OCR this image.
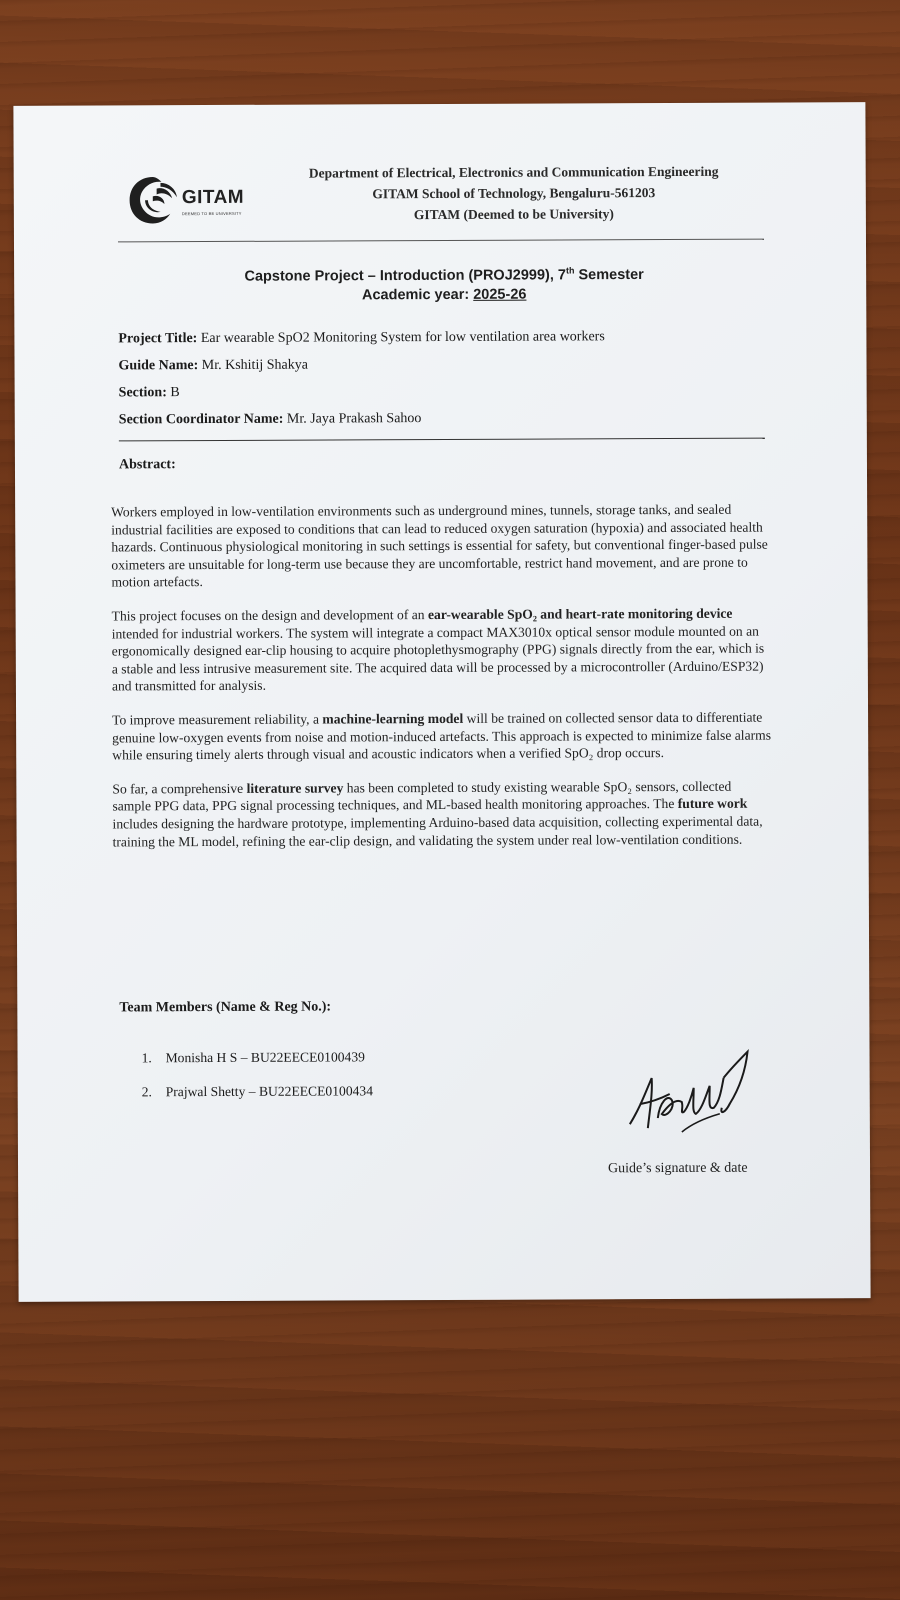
GITAM
DEEMED TO BE UNIVERSITY
Department of Electrical, Electronics and Communication Engineering
GITAM School of Technology, Bengaluru-561203
GITAM (Deemed to be University)
Capstone Project – Introduction (PROJ2999), 7th Semester
Academic year: 2025-26
Project Title: Ear wearable SpO2 Monitoring System for low ventilation area workers
Guide Name: Mr. Kshitij Shakya
Section: B
Section Coordinator Name: Mr. Jaya Prakash Sahoo
Abstract:

Workers employed in low-ventilation environments such as underground mines, tunnels, storage tanks, and sealed industrial facilities are exposed to conditions that can lead to reduced oxygen saturation (hypoxia) and associated health hazards. Continuous physiological monitoring in such settings is essential for safety, but conventional finger-based pulse oximeters are unsuitable for long-term use because they are uncomfortable, restrict hand movement, and are prone to motion artefacts.

This project focuses on the design and development of an ear-wearable SpO₂ and heart-rate monitoring device intended for industrial workers. The system will integrate a compact MAX3010x optical sensor module mounted on an ergonomically designed ear-clip housing to acquire photoplethysmography (PPG) signals directly from the ear, which is a stable and less intrusive measurement site. The acquired data will be processed by a microcontroller (Arduino/ESP32) and transmitted for analysis.

To improve measurement reliability, a machine-learning model will be trained on collected sensor data to differentiate genuine low-oxygen events from noise and motion-induced artefacts. This approach is expected to minimize false alarms while ensuring timely alerts through visual and acoustic indicators when a verified SpO₂ drop occurs.

So far, a comprehensive literature survey has been completed to study existing wearable SpO₂ sensors, collected sample PPG data, PPG signal processing techniques, and ML-based health monitoring approaches. The future work includes designing the hardware prototype, implementing Arduino-based data acquisition, collecting experimental data, training the ML model, refining the ear-clip design, and validating the system under real low-ventilation conditions.

Team Members (Name & Reg No.):
1. Monisha H S – BU22EECE0100439
2. Prajwal Shetty – BU22EECE0100434
Guide’s signature & date
